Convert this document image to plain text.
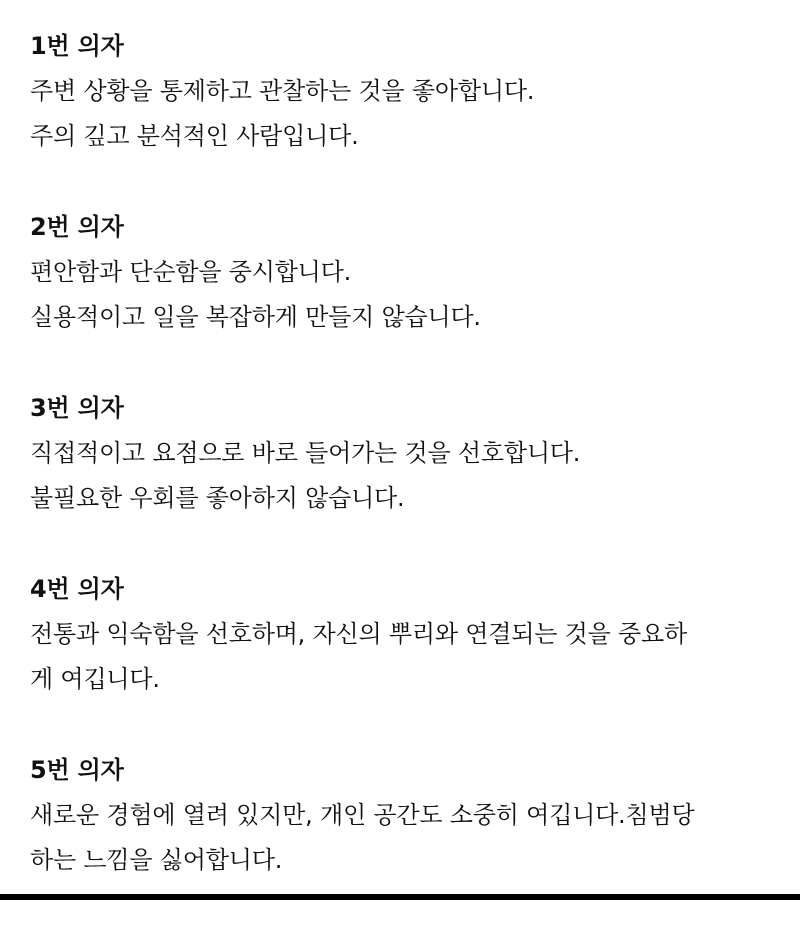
1번 의자
주변 상황을 통제하고 관찰하는 것을 좋아합니다.
주의 깊고 분석적인 사람입니다.
2번 의자
편안함과 단순함을 중시합니다.
실용적이고 일을 복잡하게 만들지 않습니다.
3번 의자
직접적이고 요점으로 바로 들어가는 것을 선호합니다.
불필요한 우회를 좋아하지 않습니다.
4번 의자
전통과 익숙함을 선호하며, 자신의 뿌리와 연결되는 것을 중요하
게 여깁니다.
5번 의자
새로운 경험에 열려 있지만, 개인 공간도 소중히 여깁니다.침범당
하는 느낌을 싫어합니다.
